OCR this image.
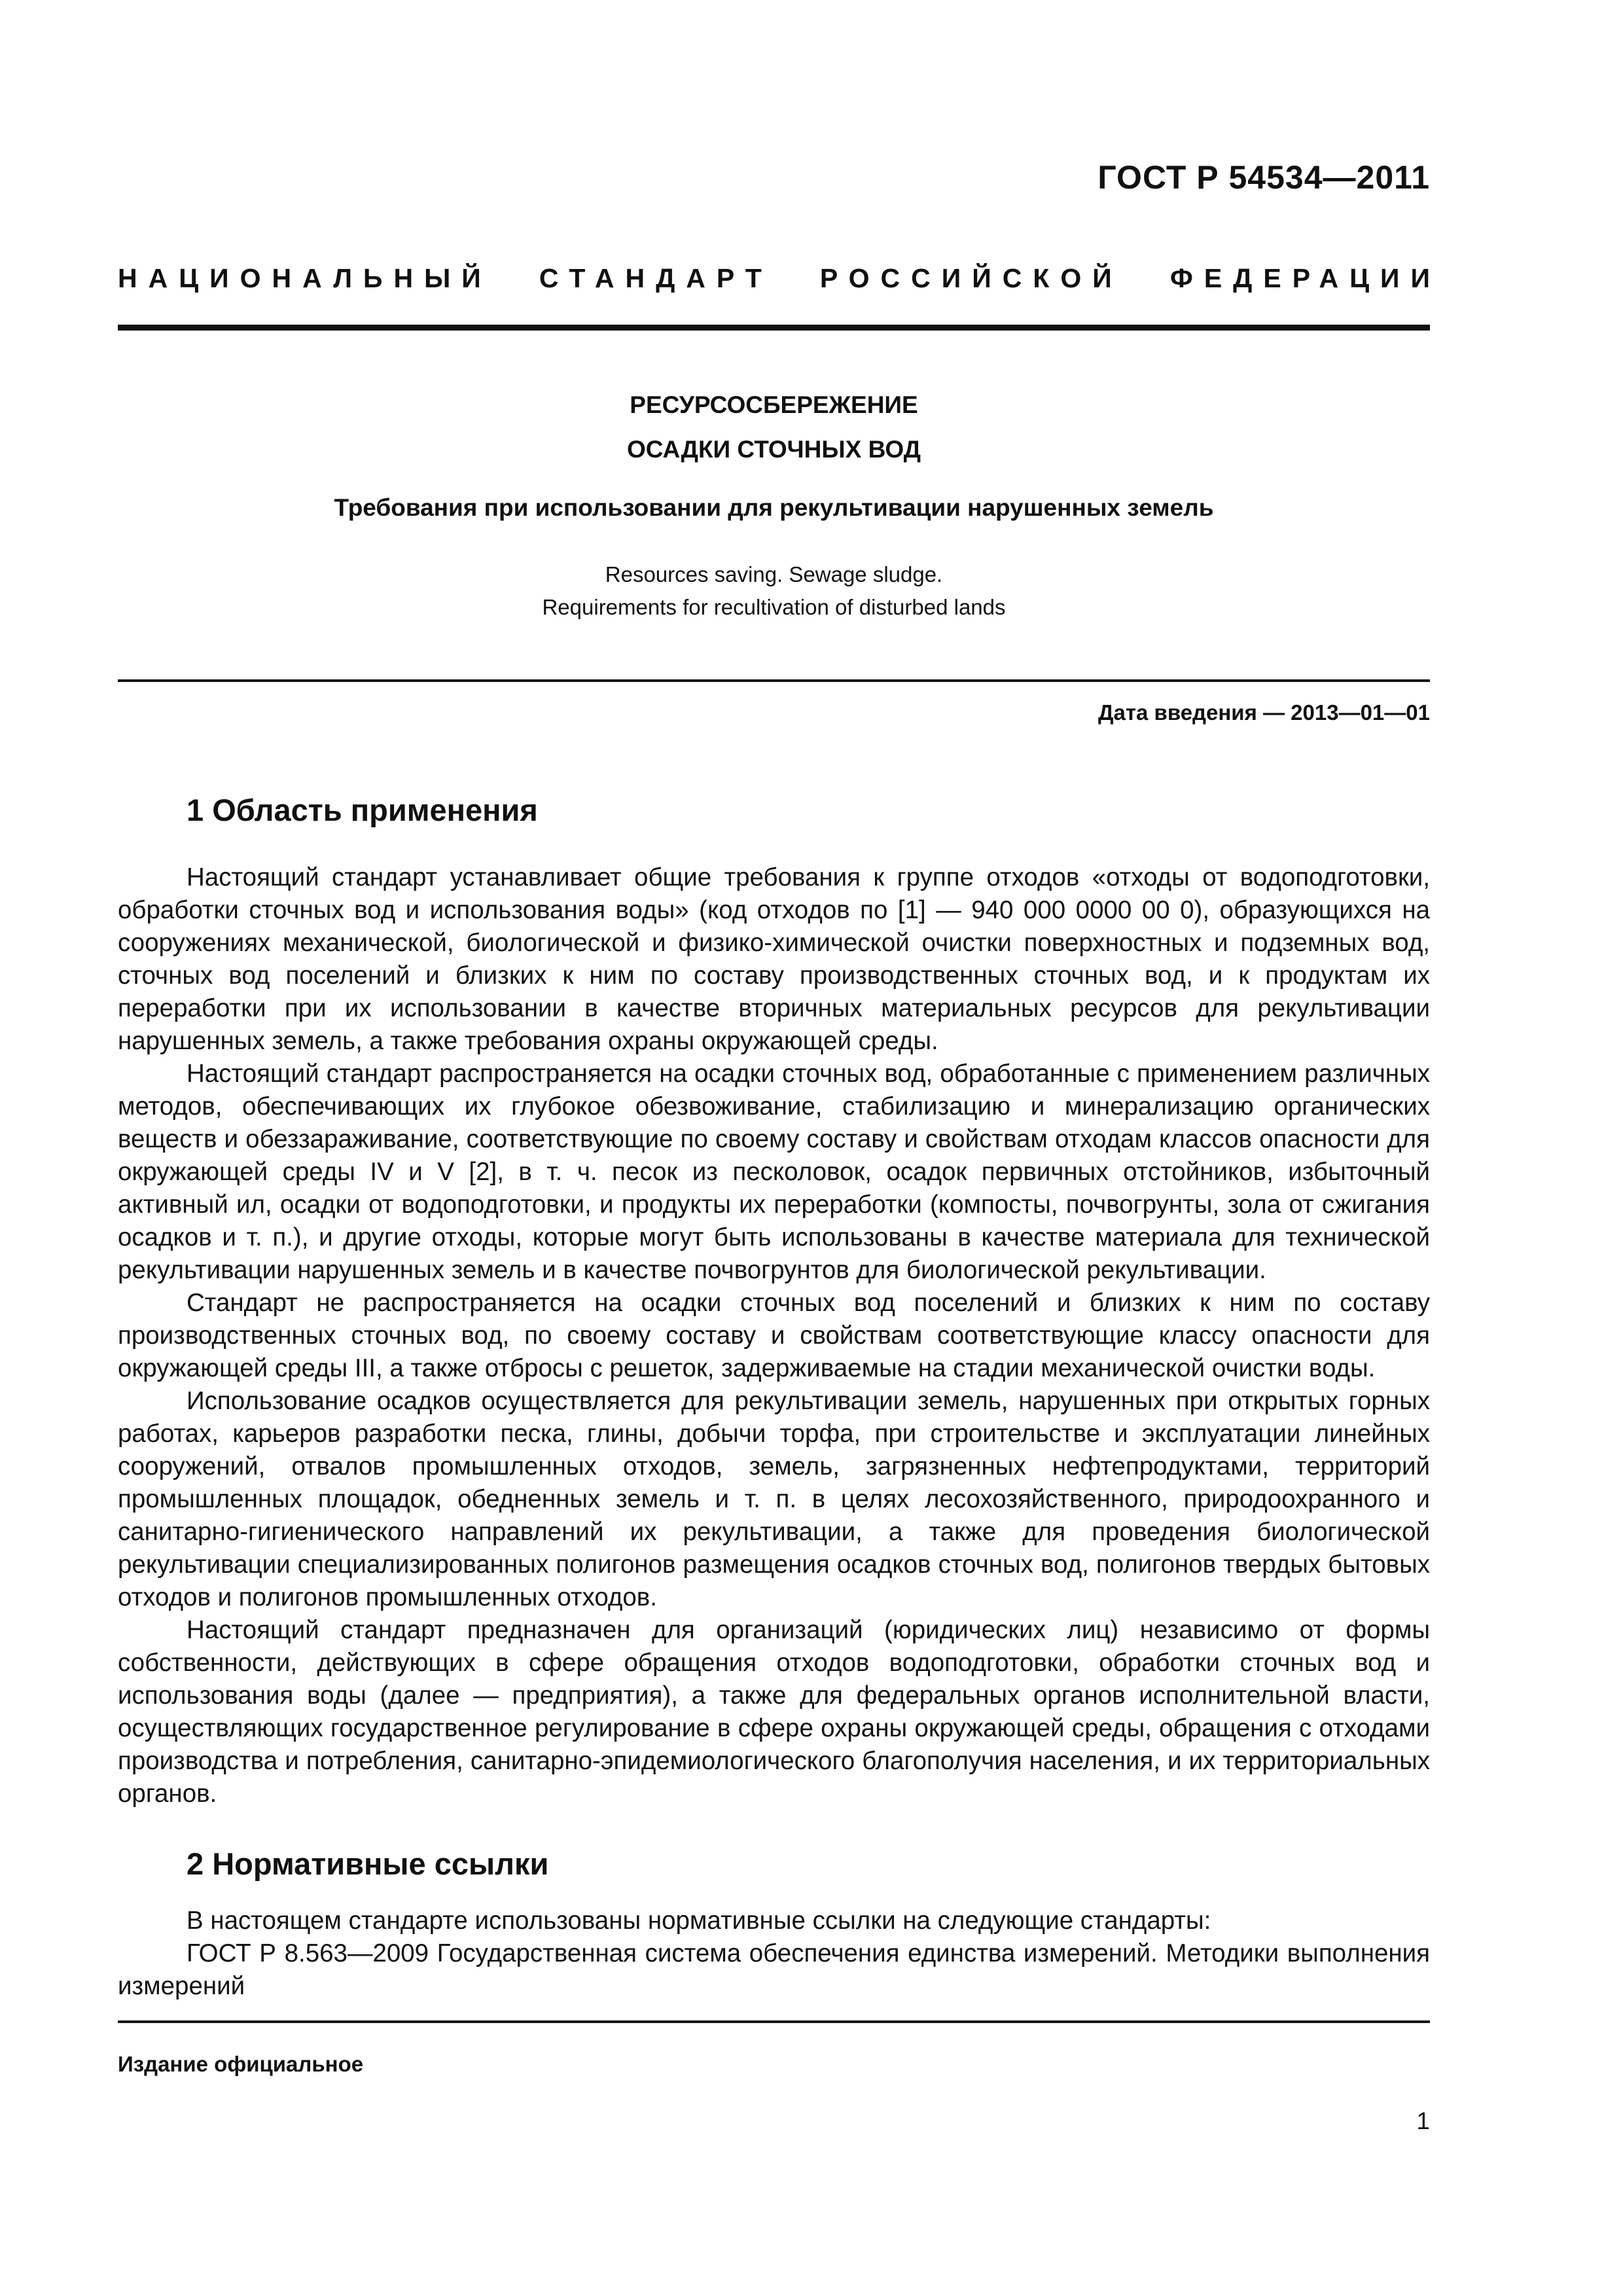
ГОСТ Р 54534—2011
НАЦИОНАЛЬНЫЙ СТАНДАРТ РОССИЙСКОЙ ФЕДЕРАЦИИ
РЕСУРСОСБЕРЕЖЕНИЕ
ОСАДКИ СТОЧНЫХ ВОД
Требования при использовании для рекультивации нарушенных земель
Resources saving. Sewage sludge.
Requirements for recultivation of disturbed lands
Дата введения — 2013—01—01
1 Область применения

Настоящий стандарт устанавливает общие требования к группе отходов «отходы от водоподготовки, обработки сточных вод и использования воды» (код отходов по [1] — 940 000 0000 00 0), образующихся на сооружениях механической, биологической и физико-химической очистки поверхностных и подземных вод, сточных вод поселений и близких к ним по составу производственных сточных вод, и к продуктам их переработки при их использовании в качестве вторичных материальных ресурсов для рекультивации нарушенных земель, а также требования охраны окружающей среды.

Настоящий стандарт распространяется на осадки сточных вод, обработанные с применением различных методов, обеспечивающих их глубокое обезвоживание, стабилизацию и минерализацию органических веществ и обеззараживание, соответствующие по своему составу и свойствам отходам классов опасности для окружающей среды IV и V [2], в т. ч. песок из песколовок, осадок первичных отстойников, избыточный активный ил, осадки от водоподготовки, и продукты их переработки (компосты, почвогрунты, зола от сжигания осадков и т. п.), и другие отходы, которые могут быть использованы в качестве материала для технической рекультивации нарушенных земель и в качестве почвогрунтов для биологической рекультивации.

Стандарт не распространяется на осадки сточных вод поселений и близких к ним по составу производственных сточных вод, по своему составу и свойствам соответствующие классу опасности для окружающей среды III, а также отбросы с решеток, задерживаемые на стадии механической очистки воды.

Использование осадков осуществляется для рекультивации земель, нарушенных при открытых горных работах, карьеров разработки песка, глины, добычи торфа, при строительстве и эксплуатации линейных сооружений, отвалов промышленных отходов, земель, загрязненных нефтепродуктами, территорий промышленных площадок, обедненных земель и т. п. в целях лесохозяйственного, природоохранного и санитарно-гигиенического направлений их рекультивации, а также для проведения биологической рекультивации специализированных полигонов размещения осадков сточных вод, полигонов твердых бытовых отходов и полигонов промышленных отходов.

Настоящий стандарт предназначен для организаций (юридических лиц) независимо от формы собственности, действующих в сфере обращения отходов водоподготовки, обработки сточных вод и использования воды (далее — предприятия), а также для федеральных органов исполнительной власти, осуществляющих государственное регулирование в сфере охраны окружающей среды, обращения с отходами производства и потребления, санитарно-эпидемиологического благополучия населения, и их территориальных органов.

2 Нормативные ссылки

В настоящем стандарте использованы нормативные ссылки на следующие стандарты:

ГОСТ Р 8.563—2009 Государственная система обеспечения единства измерений. Методики выполнения измерений

Издание официальное
1
